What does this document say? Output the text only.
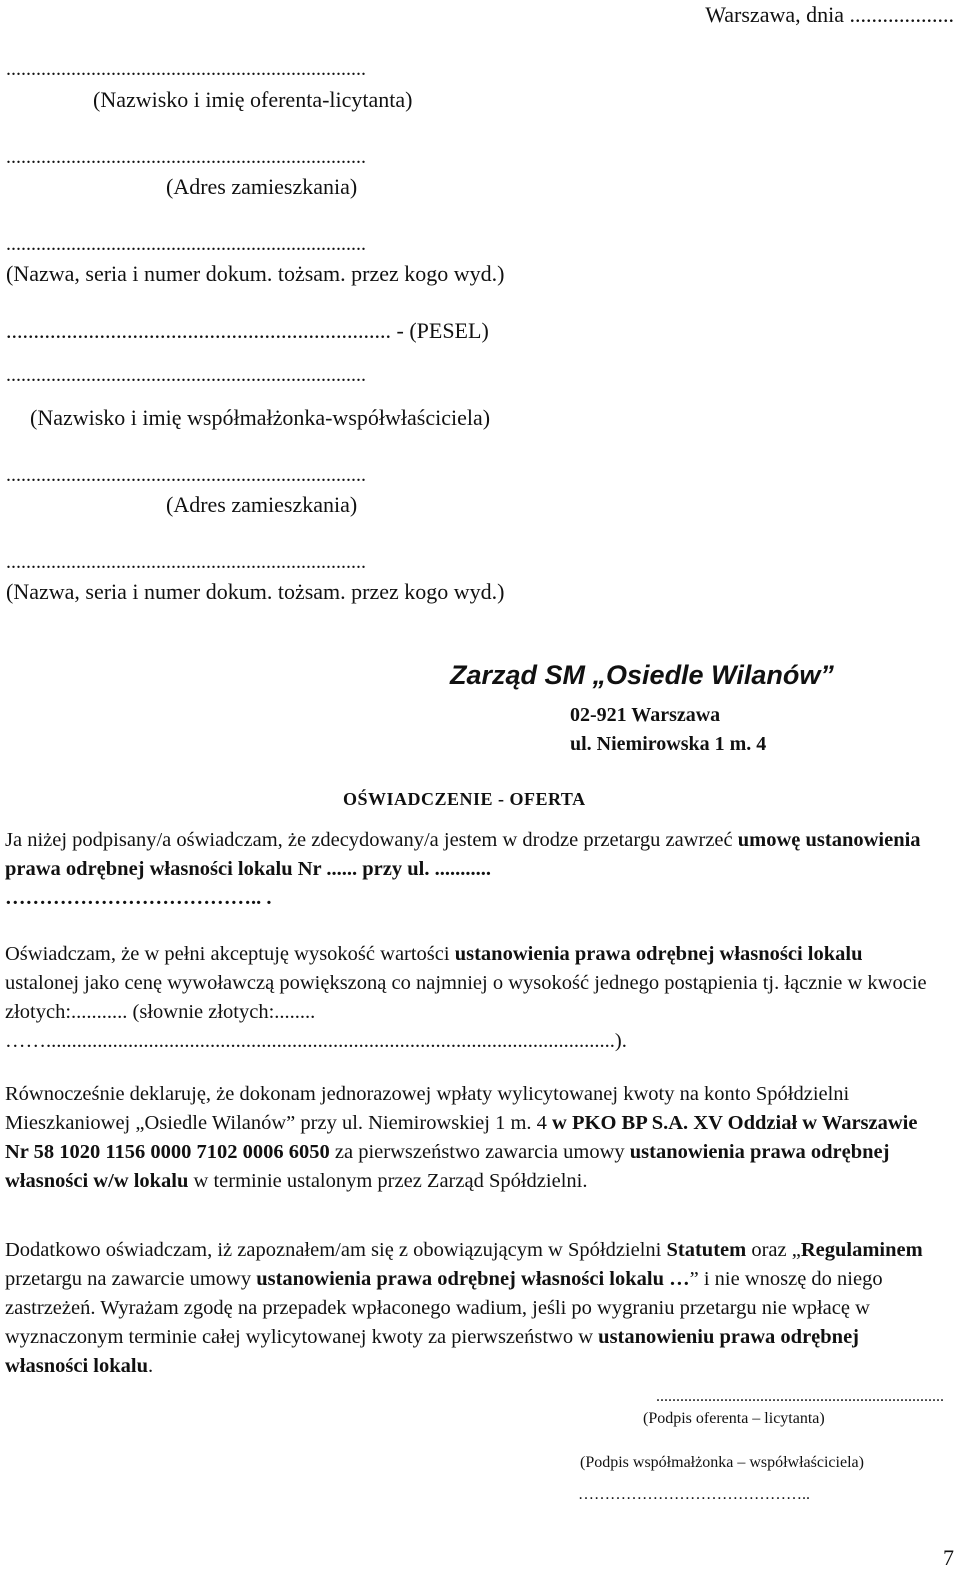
Warszawa, dnia ...................
........................................................................
(Nazwisko i imię oferenta-licytanta)
........................................................................
(Adres zamieszkania)
........................................................................
(Nazwa, seria i numer dokum. tożsam. przez kogo wyd.)
...................................................................... - (PESEL)
........................................................................
(Nazwisko i imię współmałżonka-współwłaściciela)
........................................................................
(Adres zamieszkania)
........................................................................
(Nazwa, seria i numer dokum. tożsam. przez kogo wyd.)
Zarząd SM „Osiedle Wilanów”
02-921 Warszawa
ul. Niemirowska 1 m. 4
OŚWIADCZENIE - OFERTA

Ja niżej podpisany/a oświadczam, że zdecydowany/a jestem w drodze przetargu zawrzeć umowę ustanowienia prawa odrębnej własności lokalu Nr ...... przy ul. ...........
……………………………….. .

Oświadczam, że w pełni akceptuję wysokość wartości ustanowienia prawa odrębnej własności lokalu ustalonej jako cenę wywoławczą powiększoną co najmniej o wysokość jednego postąpienia tj. łącznie w kwocie złotych:........... (słownie złotych:........ ……...............................................................................................................).

Równocześnie deklaruję, że dokonam jednorazowej wpłaty wylicytowanej kwoty na konto Spółdzielni Mieszkaniowej „Osiedle Wilanów” przy ul. Niemirowskiej 1 m. 4 w PKO BP S.A. XV Oddział w Warszawie Nr 58 1020 1156 0000 7102 0006 6050 za pierwszeństwo zawarcia umowy ustanowienia prawa odrębnej własności w/w lokalu w terminie ustalonym przez Zarząd Spółdzielni.

Dodatkowo oświadczam, iż zapoznałem/am się z obowiązującym w Spółdzielni Statutem oraz „Regulaminem przetargu na zawarcie umowy ustanowienia prawa odrębnej własności lokalu …” i nie wnoszę do niego zastrzeżeń. Wyrażam zgodę na przepadek wpłaconego wadium, jeśli po wygraniu przetargu nie wpłacę w wyznaczonym terminie całej wylicytowanej kwoty za pierwszeństwo w ustanowieniu prawa odrębnej własności lokalu.

........................................................................
(Podpis oferenta – licytanta)
(Podpis współmałżonka – współwłaściciela)
……………………………………..
7
